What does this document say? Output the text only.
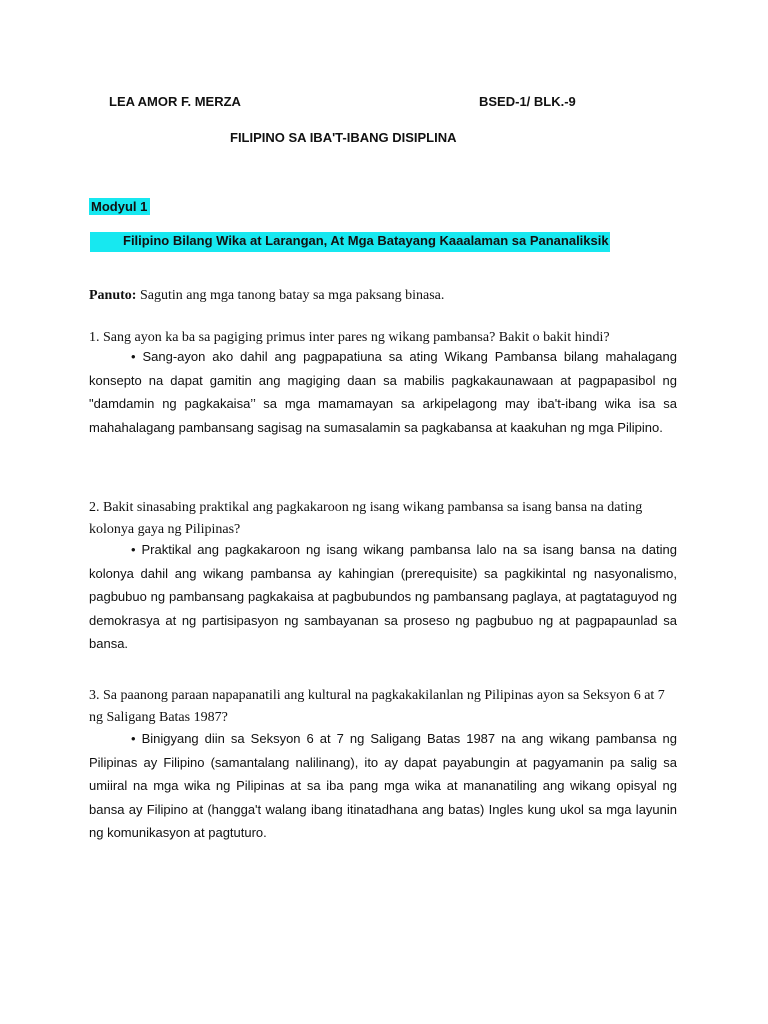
LEA AMOR F. MERZA	BSED-1/ BLK.-9
FILIPINO SA IBA'T-IBANG DISIPLINA
Modyul 1
Filipino Bilang Wika at Larangan, At Mga Batayang Kaaalaman sa Pananaliksik
Panuto: Sagutin ang mga tanong batay sa mga paksang binasa.
1. Sang ayon ka ba sa pagiging primus inter pares ng wikang pambansa? Bakit o bakit hindi?
• Sang-ayon ako dahil ang pagpapatiuna sa ating Wikang Pambansa bilang mahalagang konsepto na dapat gamitin ang magiging daan sa mabilis pagkakaunawaan at pagpapasibol ng "damdamin ng pagkakaisa’’ sa mga mamamayan sa arkipelagong may iba't-ibang wika isa sa mahahalagang pambansang sagisag na sumasalamin sa pagkabansa at kaakuhan ng mga Pilipino.
2. Bakit sinasabing praktikal ang pagkakaroon ng isang wikang pambansa sa isang bansa na dating kolonya gaya ng Pilipinas?
• Praktikal ang pagkakaroon ng isang wikang pambansa lalo na sa isang bansa na dating kolonya dahil ang wikang pambansa ay kahingian (prerequisite) sa pagkikintal ng nasyonalismo, pagbubuo ng pambansang pagkakaisa at pagbubundos ng pambansang paglaya, at pagtataguyod ng demokrasya at ng partisipasyon ng sambayanan sa proseso ng pagbubuo ng at pagpapaunlad sa bansa.
3. Sa paanong paraan napapanatili ang kultural na pagkakakilanlan ng Pilipinas ayon sa Seksyon 6 at 7 ng Saligang Batas 1987?
• Binigyang diin sa Seksyon 6 at 7 ng Saligang Batas 1987 na ang wikang pambansa ng Pilipinas ay Filipino (samantalang nalilinang), ito ay dapat payabungin at pagyamanin pa salig sa umiiral na mga wika ng Pilipinas at sa iba pang mga wika at mananatiling ang wikang opisyal ng bansa ay Filipino at (hangga't walang ibang itinatadhana ang batas) Ingles kung ukol sa mga layunin ng komunikasyon at pagtuturo.
